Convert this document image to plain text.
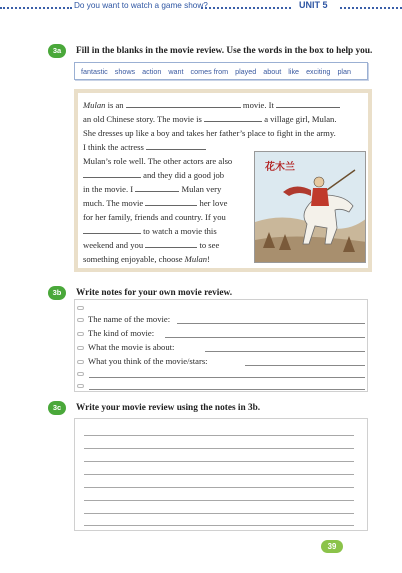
Do you want to watch a game show?	UNIT 5
3a	Fill in the blanks in the movie review. Use the words in the box to help you.
fantastic shows action want comes from played about like exciting plan
Mulan is an	movie. It
an old Chinese story. The movie is	a village girl, Mulan.
She dresses up like a boy and takes her father’s place to fight in the army.
I think the actress
Mulan’s role well. The other actors are also
and they did a good job
in the movie. I	Mulan very
much. The movie	her love
for her family, friends and country. If you
to watch a movie this
weekend and you	to see
something enjoyable, choose Mulan!
花木兰
3b	Write notes for your own movie review.
The name of the movie:
The kind of movie:
What the movie is about:
What you think of the movie/stars:
3c	Write your movie review using the notes in 3b.
39
